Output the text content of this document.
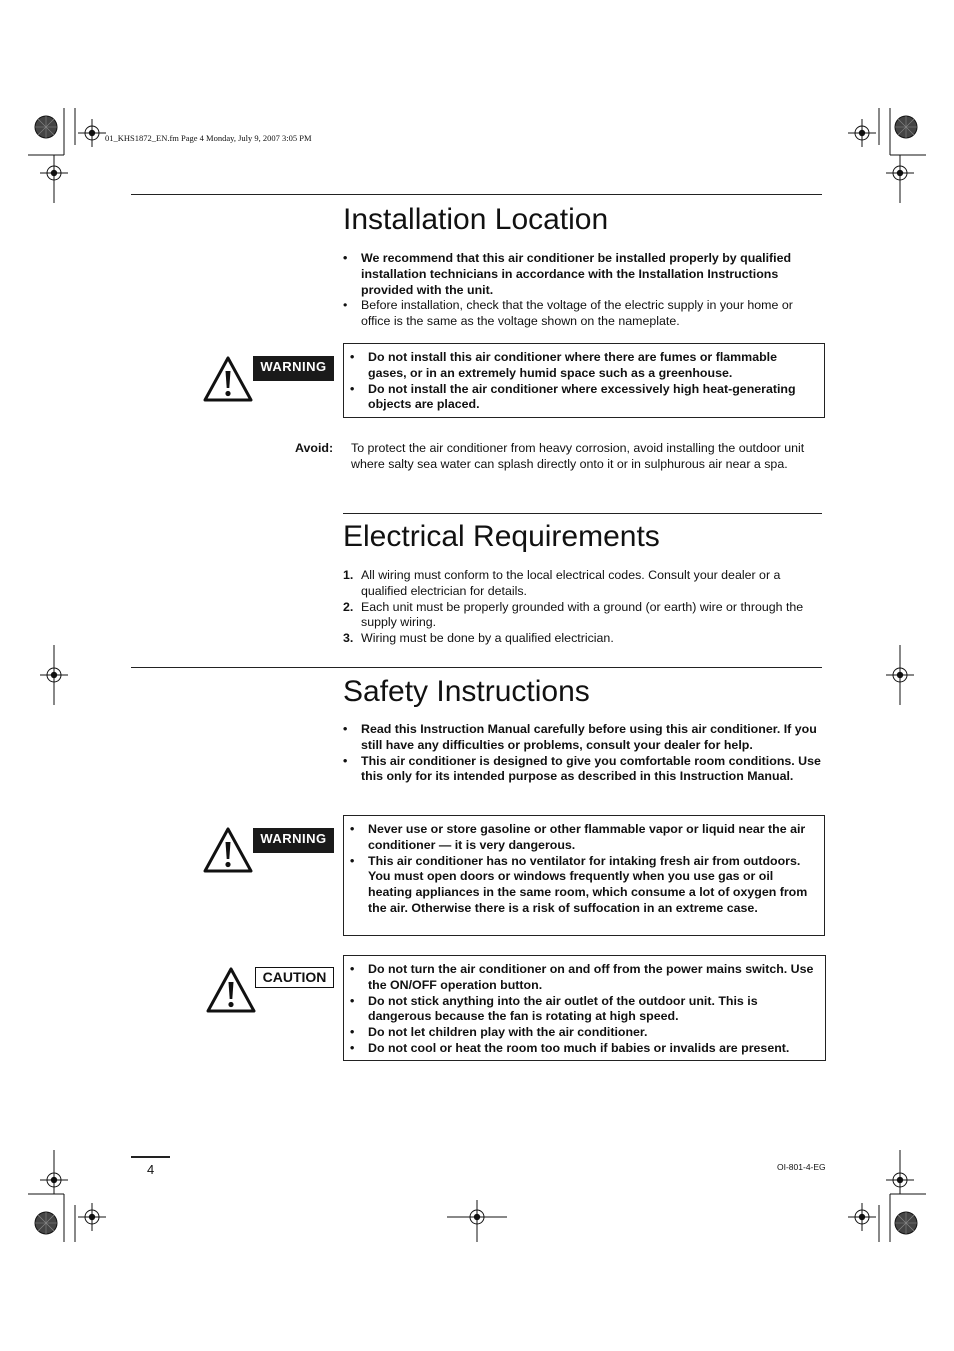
01_KHS1872_EN.fm Page 4 Monday, July 9, 2007 3:05 PM
Installation Location
• We recommend that this air conditioner be installed properly by qualified installation technicians in accordance with the Installation Instructions provided with the unit.
• Before installation, check that the voltage of the electric supply in your home or office is the same as the voltage shown on the nameplate.
WARNING
• Do not install this air conditioner where there are fumes or flammable gases, or in an extremely humid space such as a greenhouse.
• Do not install the air conditioner where excessively high heat-generating objects are placed.
Avoid: To protect the air conditioner from heavy corrosion, avoid installing the outdoor unit where salty sea water can splash directly onto it or in sulphurous air near a spa.
Electrical Requirements
1. All wiring must conform to the local electrical codes. Consult your dealer or a qualified electrician for details.
2. Each unit must be properly grounded with a ground (or earth) wire or through the supply wiring.
3. Wiring must be done by a qualified electrician.
Safety Instructions
• Read this Instruction Manual carefully before using this air conditioner. If you still have any difficulties or problems, consult your dealer for help.
• This air conditioner is designed to give you comfortable room conditions. Use this only for its intended purpose as described in this Instruction Manual.
WARNING
• Never use or store gasoline or other flammable vapor or liquid near the air conditioner — it is very dangerous.
• This air conditioner has no ventilator for intaking fresh air from outdoors. You must open doors or windows frequently when you use gas or oil heating appliances in the same room, which consume a lot of oxygen from the air. Otherwise there is a risk of suffocation in an extreme case.
CAUTION
•	Do not turn the air conditioner on and off from the power mains switch. Use the ON/OFF operation button.
• Do not stick anything into the air outlet of the outdoor unit. This is dangerous because the fan is rotating at high speed.
• Do not let children play with the air conditioner.
• Do not cool or heat the room too much if babies or invalids are present.
4	OI-801-4-EG
